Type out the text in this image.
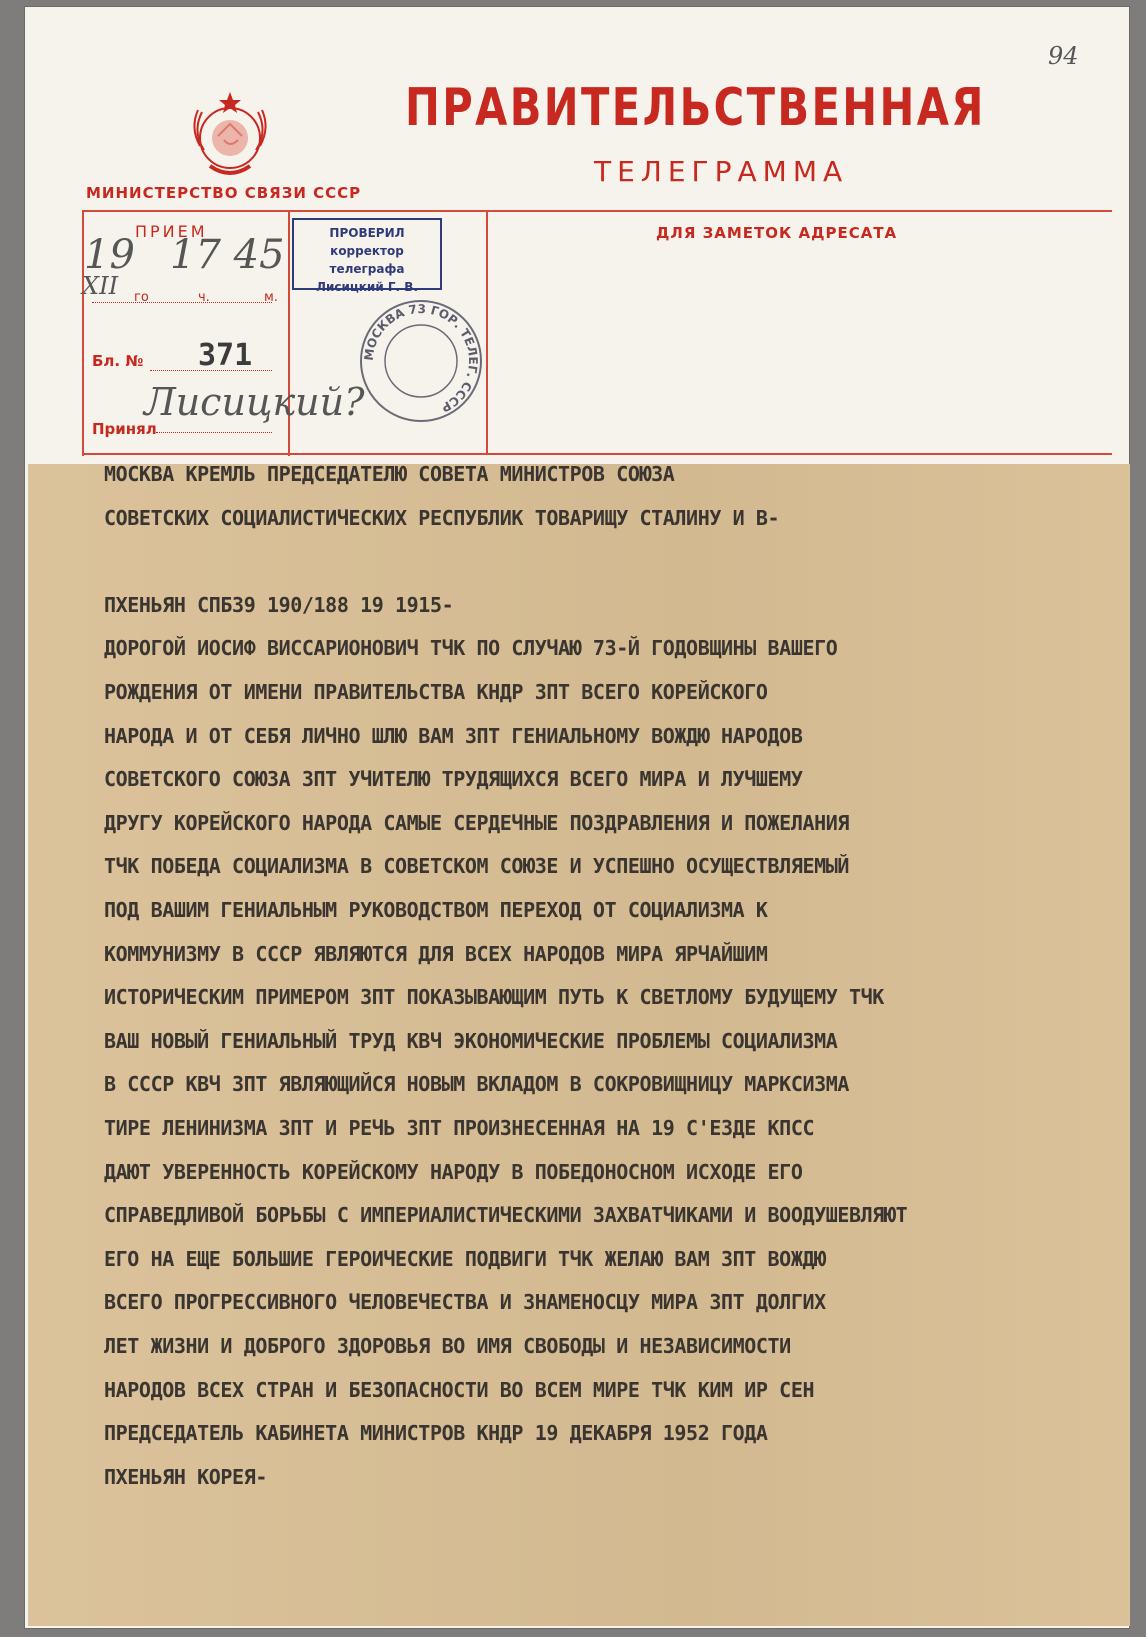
94
ПРАВИТЕЛЬСТВЕННАЯ
ТЕЛЕГРАММА
МИНИСТЕРСТВО СВЯЗИ СССР
ПРИЕМ	ДЛЯ ЗАМЕТОК АДРЕСАТА
19
XII
17 45
го	ч.	м.
Бл. № 371
Принял
Лисицкий?
ПРОВЕРИЛ
корректор телеграфа
Лисицкий Г. В.
МОСКВА 73 ГОР. ТЕЛЕГ. СССР
МОСКВА КРЕМЛЬ ПРЕДСЕДАТЕЛЮ СОВЕТА МИНИСТРОВ СОЮЗА
СОВЕТСКИХ СОЦИАЛИСТИЧЕСКИХ РЕСПУБЛИК ТОВАРИЩУ СТАЛИНУ И В-
ПХЕНЬЯН СПБ39 190/188 19 1915-
ДОРОГОЙ ИОСИФ ВИССАРИОНОВИЧ ТЧК ПО СЛУЧАЮ 73-Й ГОДОВЩИНЫ ВАШЕГО
РОЖДЕНИЯ ОТ ИМЕНИ ПРАВИТЕЛЬСТВА КНДР ЗПТ ВСЕГО КОРЕЙСКОГО
НАРОДА И ОТ СЕБЯ ЛИЧНО ШЛЮ ВАМ ЗПТ ГЕНИАЛЬНОМУ ВОЖДЮ НАРОДОВ
СОВЕТСКОГО СОЮЗА ЗПТ УЧИТЕЛЮ ТРУДЯЩИХСЯ ВСЕГО МИРА И ЛУЧШЕМУ
ДРУГУ КОРЕЙСКОГО НАРОДА САМЫЕ СЕРДЕЧНЫЕ ПОЗДРАВЛЕНИЯ И ПОЖЕЛАНИЯ
ТЧК ПОБЕДА СОЦИАЛИЗМА В СОВЕТСКОМ СОЮЗЕ И УСПЕШНО ОСУЩЕСТВЛЯЕМЫЙ
ПОД ВАШИМ ГЕНИАЛЬНЫМ РУКОВОДСТВОМ ПЕРЕХОД ОТ СОЦИАЛИЗМА К
КОММУНИЗМУ В СССР ЯВЛЯЮТСЯ ДЛЯ ВСЕХ НАРОДОВ МИРА ЯРЧАЙШИМ
ИСТОРИЧЕСКИМ ПРИМЕРОМ ЗПТ ПОКАЗЫВАЮЩИМ ПУТЬ К СВЕТЛОМУ БУДУЩЕМУ ТЧК
ВАШ НОВЫЙ ГЕНИАЛЬНЫЙ ТРУД КВЧ ЭКОНОМИЧЕСКИЕ ПРОБЛЕМЫ СОЦИАЛИЗМА
В СССР КВЧ ЗПТ ЯВЛЯЮЩИЙСЯ НОВЫМ ВКЛАДОМ В СОКРОВИЩНИЦУ МАРКСИЗМА
ТИРЕ ЛЕНИНИЗМА ЗПТ И РЕЧЬ ЗПТ ПРОИЗНЕСЕННАЯ НА 19 С'ЕЗДЕ КПСС
ДАЮТ УВЕРЕННОСТЬ КОРЕЙСКОМУ НАРОДУ В ПОБЕДОНОСНОМ ИСХОДЕ ЕГО
СПРАВЕДЛИВОЙ БОРЬБЫ С ИМПЕРИАЛИСТИЧЕСКИМИ ЗАХВАТЧИКАМИ И ВООДУШЕВЛЯЮТ
ЕГО НА ЕЩЕ БОЛЬШИЕ ГЕРОИЧЕСКИЕ ПОДВИГИ ТЧК ЖЕЛАЮ ВАМ ЗПТ ВОЖДЮ
ВСЕГО ПРОГРЕССИВНОГО ЧЕЛОВЕЧЕСТВА И ЗНАМЕНОСЦУ МИРА ЗПТ ДОЛГИХ
ЛЕТ ЖИЗНИ И ДОБРОГО ЗДОРОВЬЯ ВО ИМЯ СВОБОДЫ И НЕЗАВИСИМОСТИ
НАРОДОВ ВСЕХ СТРАН И БЕЗОПАСНОСТИ ВО ВСЕМ МИРЕ ТЧК КИМ ИР СЕН
ПРЕДСЕДАТЕЛЬ КАБИНЕТА МИНИСТРОВ КНДР 19 ДЕКАБРЯ 1952 ГОДА
ПХЕНЬЯН КОРЕЯ-
